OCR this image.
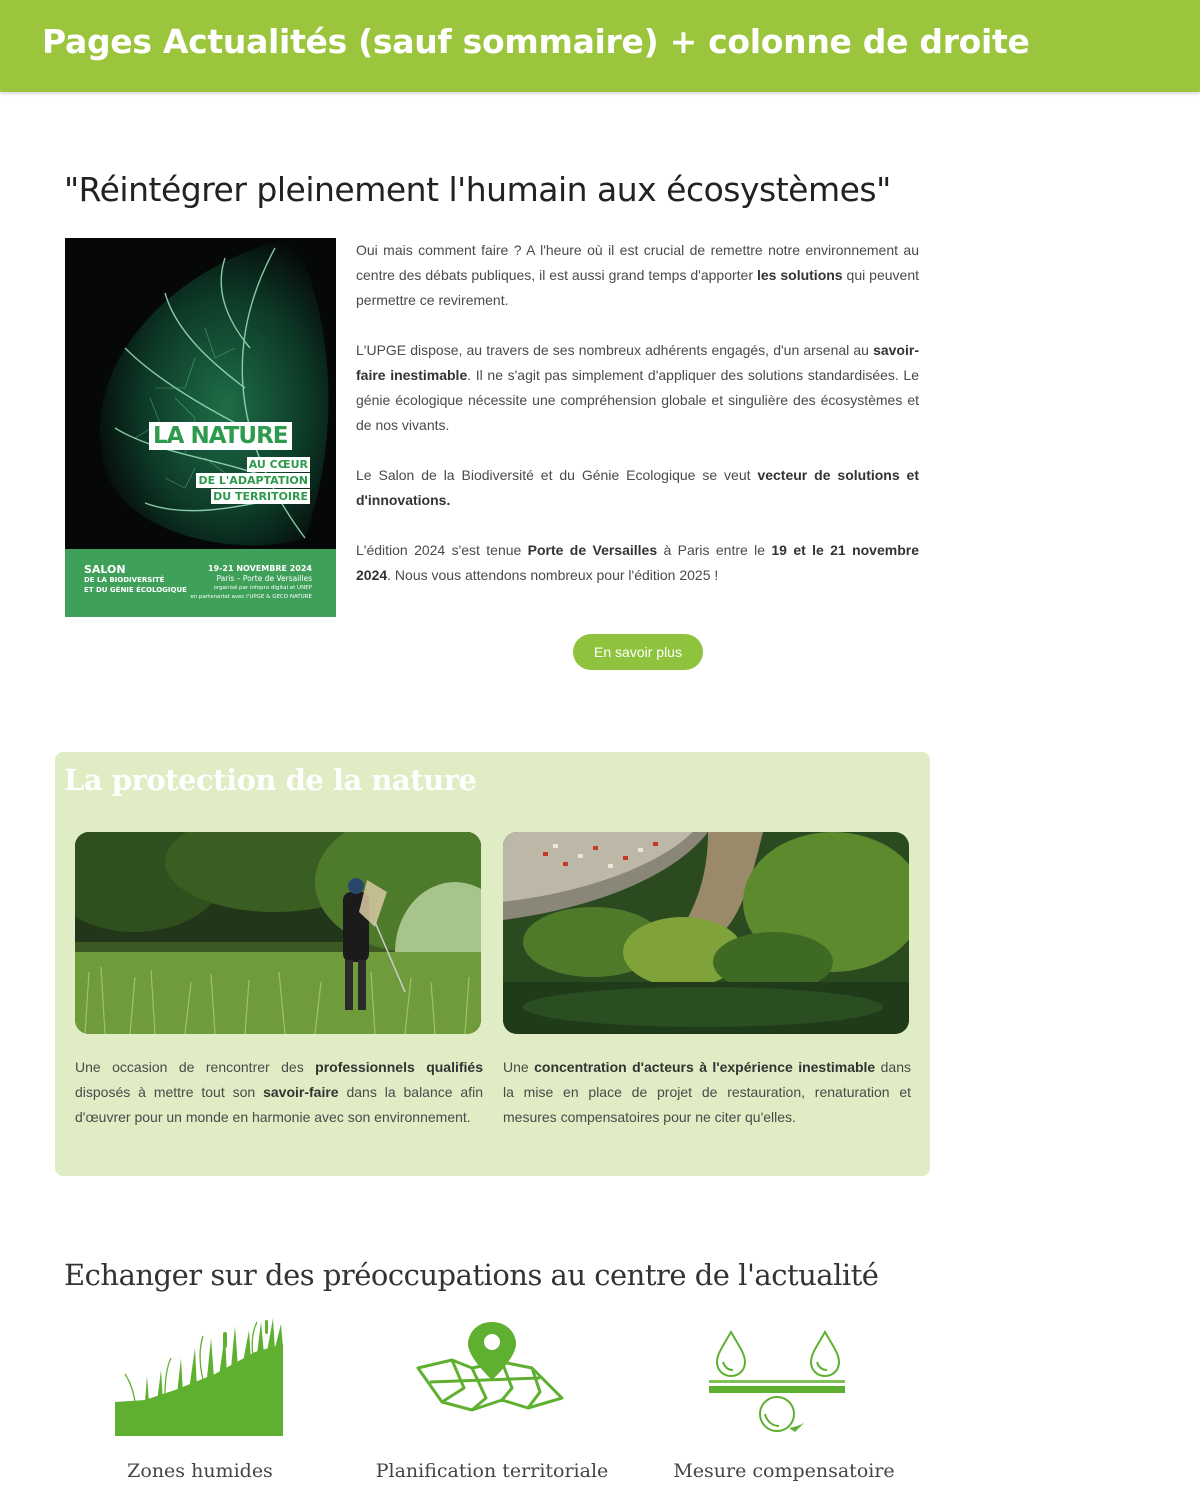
Pages Actualités (sauf sommaire) + colonne de droite
"Réintégrer pleinement l'humain aux écosystèmes"
LA NATURE
AU CŒUR
DE L'ADAPTATION
DU TERRITOIRE
SALON
DE LA BIODIVERSITÉ
ET DU GÉNIE ÉCOLOGIQUE
19-21 NOVEMBRE 2024
Paris – Porte de Versailles
organisé par infopro digital et UNEP
en partenariat avec l'UPGE & GECO NATURE

Oui mais comment faire ? A l'heure où il est crucial de remettre notre environnement au centre des débats publiques, il est aussi grand temps d'apporter les solutions qui peuvent permettre ce revirement.

L'UPGE dispose, au travers de ses nombreux adhérents engagés, d'un arsenal au savoir-faire inestimable. Il ne s'agit pas simplement d'appliquer des solutions standardisées. Le génie écologique nécessite une compréhension globale et singulière des écosystèmes et de nos vivants.

Le Salon de la Biodiversité et du Génie Ecologique se veut vecteur de solutions et d'innovations.

L'édition 2024 s'est tenue Porte de Versailles à Paris entre le 19 et le 21 novembre 2024. Nous vous attendons nombreux pour l'édition 2025 !

En savoir plus
La protection de la nature
Une occasion de rencontrer des professionnels qualifiés disposés à mettre tout son savoir-faire dans la balance afin d'œuvrer pour un monde en harmonie avec son environnement.
Une concentration d'acteurs à l'expérience inestimable dans la mise en place de projet de restauration, renaturation et mesures compensatoires pour ne citer qu'elles.
Echanger sur des préoccupations au centre de l'actualité
Zones humides	Planification territoriale	Mesure compensatoire
